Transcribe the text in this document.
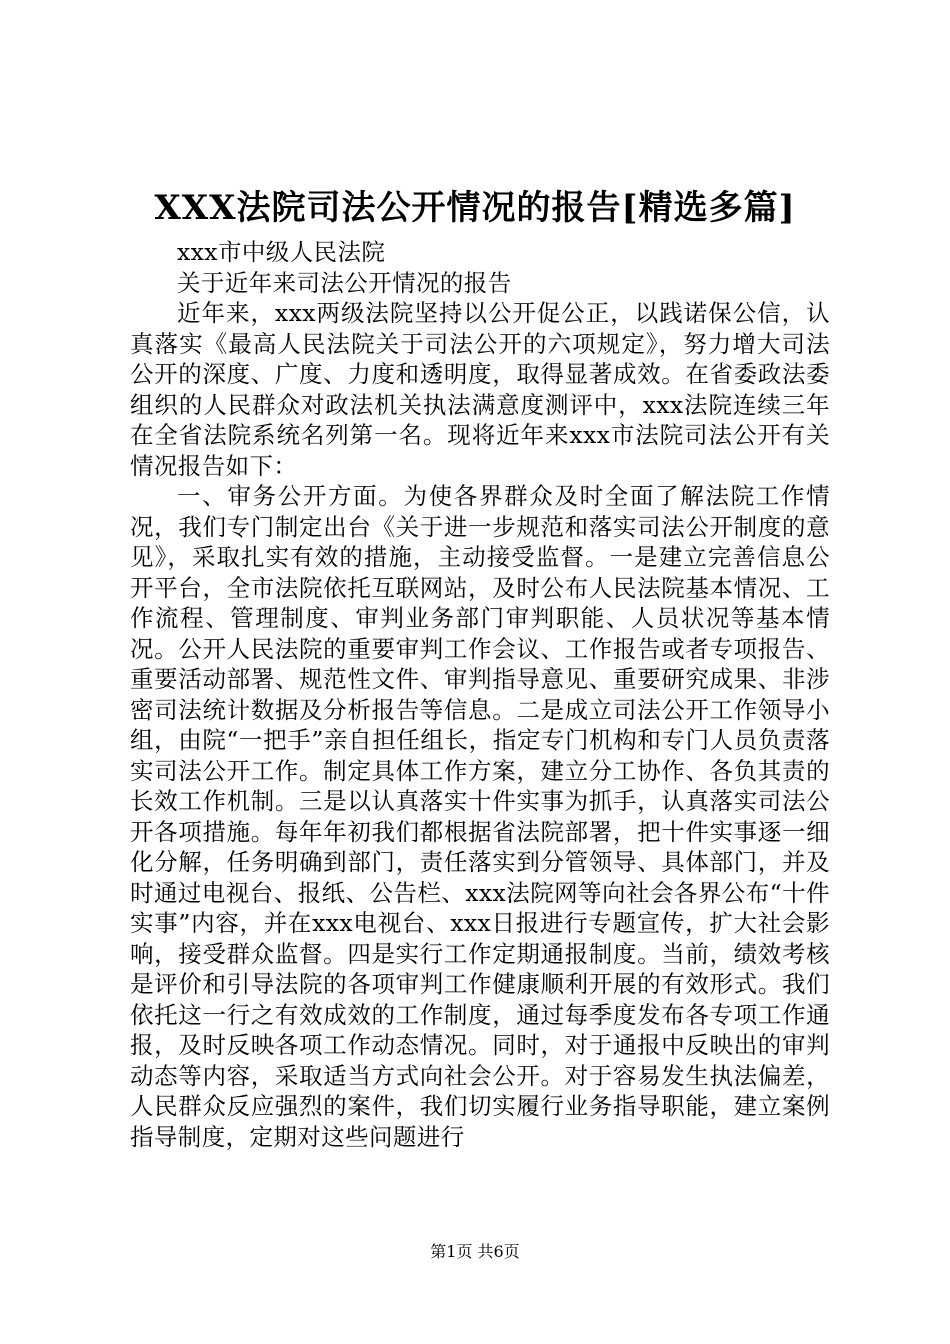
XXX法院司法公开情况的报告[精选多篇]

xxx市中级人民法院

关于近年来司法公开情况的报告

近年来，xxx两级法院坚持以公开促公正，以践诺保公信，认真落实《最高人民法院关于司法公开的六项规定》，努力增大司法公开的深度、广度、力度和透明度，取得显著成效。在省委政法委组织的人民群众对政法机关执法满意度测评中，xxx法院连续三年在全省法院系统名列第一名。现将近年来xxx市法院司法公开有关情况报告如下：

一、审务公开方面。为使各界群众及时全面了解法院工作情况，我们专门制定出台《关于进一步规范和落实司法公开制度的意见》，采取扎实有效的措施，主动接受监督。一是建立完善信息公开平台，全市法院依托互联网站，及时公布人民法院基本情况、工作流程、管理制度、审判业务部门审判职能、人员状况等基本情况。公开人民法院的重要审判工作会议、工作报告或者专项报告、重要活动部署、规范性文件、审判指导意见、重要研究成果、非涉密司法统计数据及分析报告等信息。二是成立司法公开工作领导小组，由院“一把手”亲自担任组长，指定专门机构和专门人员负责落实司法公开工作。制定具体工作方案，建立分工协作、各负其责的长效工作机制。三是以认真落实十件实事为抓手，认真落实司法公开各项措施。每年年初我们都根据省法院部署，把十件实事逐一细化分解，任务明确到部门，责任落实到分管领导、具体部门，并及时通过电视台、报纸、公告栏、xxx法院网等向社会各界公布“十件实事”内容，并在xxx电视台、xxx日报进行专题宣传，扩大社会影响，接受群众监督。四是实行工作定期通报制度。当前，绩效考核是评价和引导法院的各项审判工作健康顺利开展的有效形式。我们依托这一行之有效成效的工作制度，通过每季度发布各专项工作通报，及时反映各项工作动态情况。同时，对于通报中反映出的审判动态等内容，采取适当方式向社会公开。对于容易发生执法偏差，人民群众反应强烈的案件，我们切实履行业务指导职能，建立案例指导制度，定期对这些问题进行

第1页 共6页
